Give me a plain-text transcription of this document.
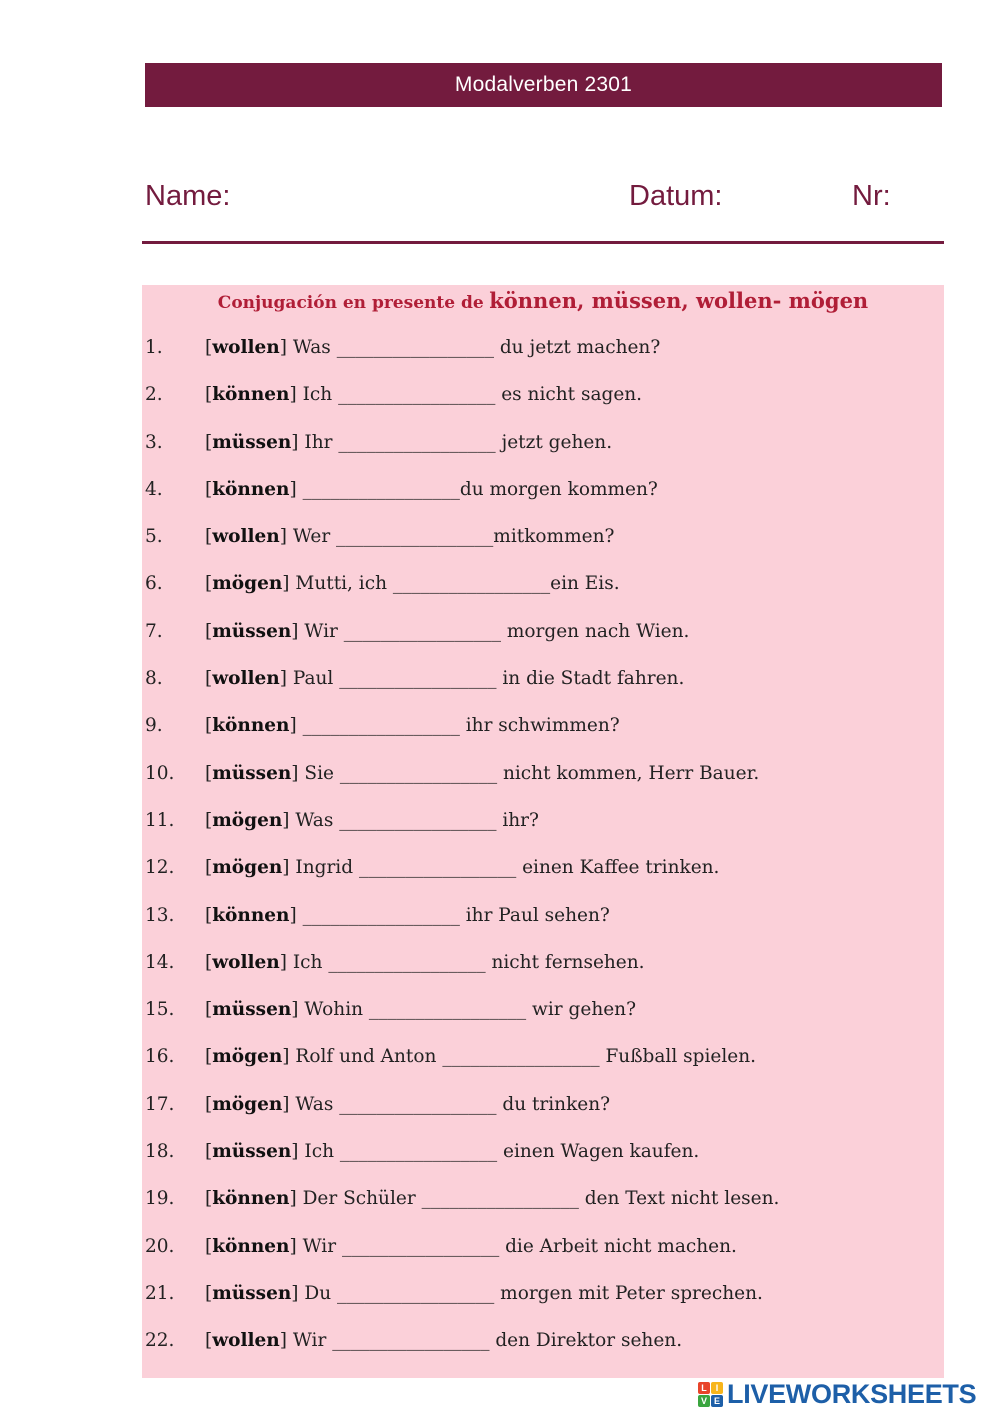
Modalverben 2301
Name:	Datum:	Nr:
Conjugación en presente de können, müssen, wollen- mögen
1. [wollen] Was _________________ du jetzt machen?
2. [können] Ich _________________ es nicht sagen.
3. [müssen] Ihr _________________ jetzt gehen.
4. [können] _________________du morgen kommen?
5. [wollen] Wer _________________mitkommen?
6. [mögen] Mutti, ich _________________ein Eis.
7. [müssen] Wir _________________ morgen nach Wien.
8. [wollen] Paul _________________ in die Stadt fahren.
9. [können] _________________ ihr schwimmen?
10. [müssen] Sie _________________ nicht kommen, Herr Bauer.
11. [mögen] Was _________________ ihr?
12. [mögen] Ingrid _________________ einen Kaffee trinken.
13. [können] _________________ ihr Paul sehen?
14. [wollen] Ich _________________ nicht fernsehen.
15. [müssen] Wohin _________________ wir gehen?
16. [mögen] Rolf und Anton _________________ Fußball spielen.
17. [mögen] Was _________________ du trinken?
18. [müssen] Ich _________________ einen Wagen kaufen.
19. [können] Der Schüler _________________ den Text nicht lesen.
20. [können] Wir _________________ die Arbeit nicht machen.
21. [müssen] Du _________________ morgen mit Peter sprechen.
22. [wollen] Wir _________________ den Direktor sehen.
L I
V E LIVEWORKSHEETS
